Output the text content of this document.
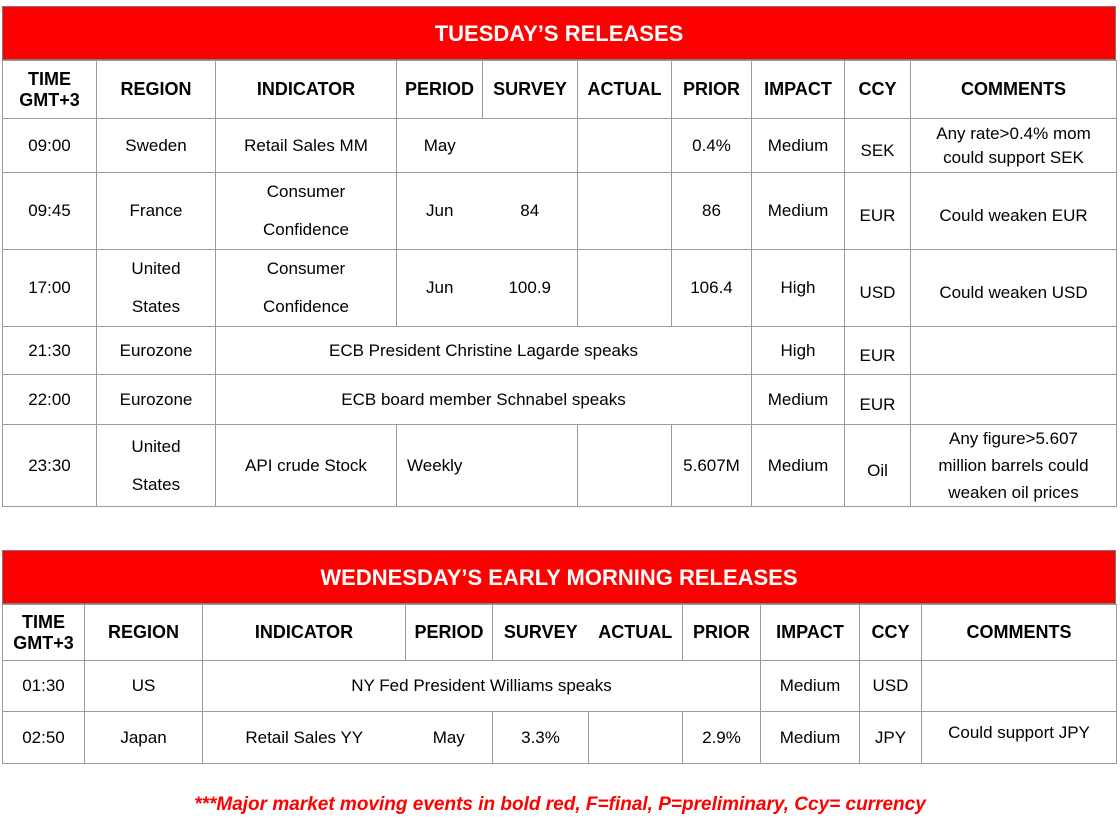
TUESDAY’S RELEASES
TIME
GMT+3	REGION	INDICATOR	PERIOD	SURVEY	ACTUAL	PRIOR	IMPACT	CCY	COMMENTS
09:00	Sweden	Retail Sales MM	May			0.4%	Medium	SEK	Any rate>0.4% mom
could support SEK
09:45	France	Consumer
Confidence	Jun	84		86	Medium	EUR	Could weaken EUR
17:00	United
States	Consumer
Confidence	Jun	100.9		106.4	High	USD	Could weaken USD
21:30	Eurozone	ECB President Christine Lagarde speaks					High	EUR	
22:00	Eurozone	ECB board member Schnabel speaks					Medium	EUR	
23:30	United
States	API crude Stock	Weekly			5.607M	Medium	Oil	Any figure>5.607
million barrels could
weaken oil prices
WEDNESDAY’S EARLY MORNING RELEASES
TIME
GMT+3	REGION	INDICATOR	PERIOD	SURVEY	ACTUAL	PRIOR	IMPACT	CCY	COMMENTS
01:30	US	NY Fed President Williams speaks					Medium	USD	
02:50	Japan	Retail Sales YY	May	3.3%		2.9%	Medium	JPY	Could support JPY
***Major market moving events in bold red, F=final, P=preliminary, Ccy= currency
